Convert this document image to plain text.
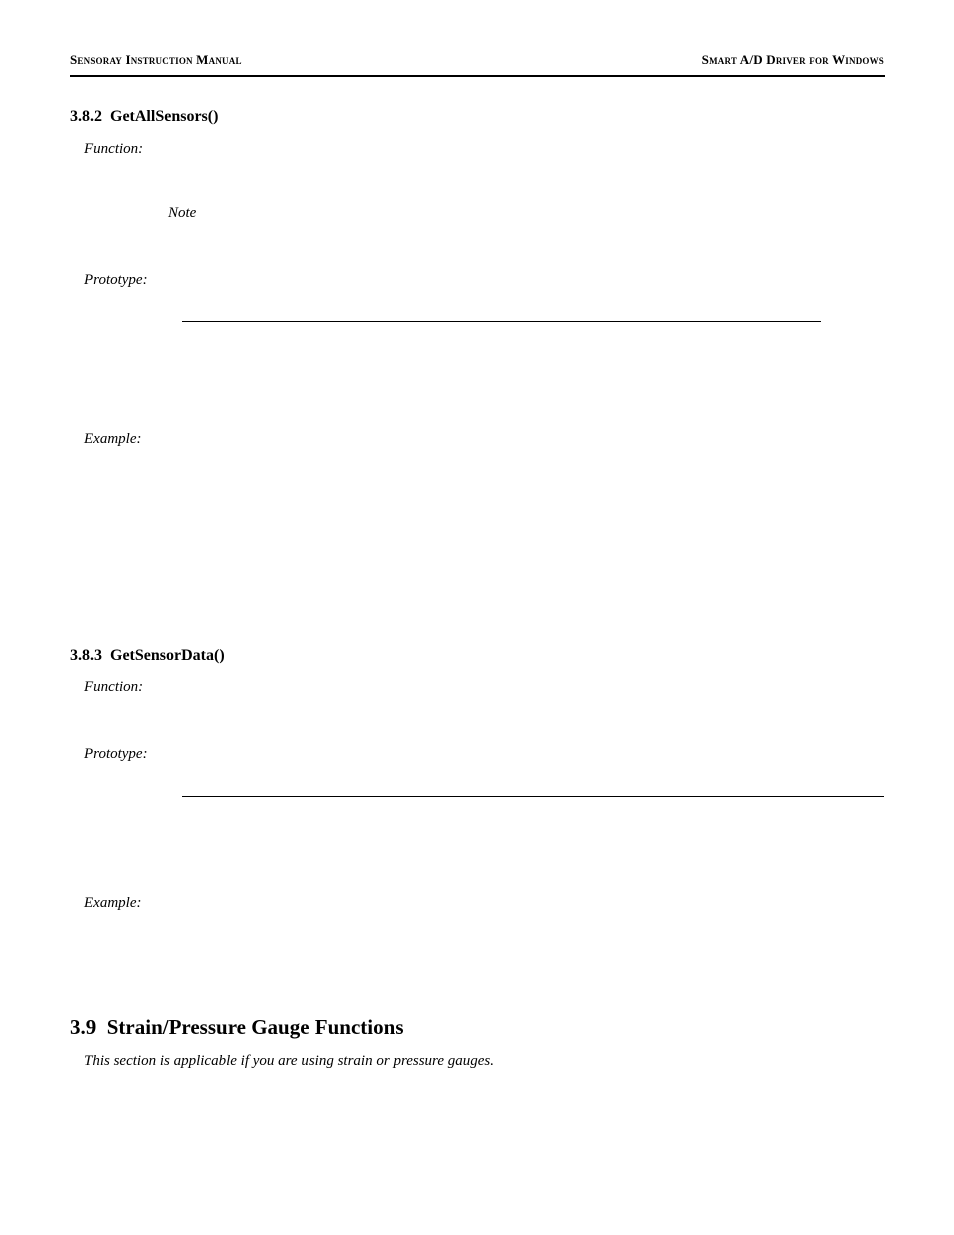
Sensoray Instruction Manual	Smart A/D Driver for Windows
3.8.2 GetAllSensors()
Function:
Note
Prototype:
Example:
3.8.3 GetSensorData()
Function:
Prototype:
Example:
3.9 Strain/Pressure Gauge Functions
This section is applicable if you are using strain or pressure gauges.
